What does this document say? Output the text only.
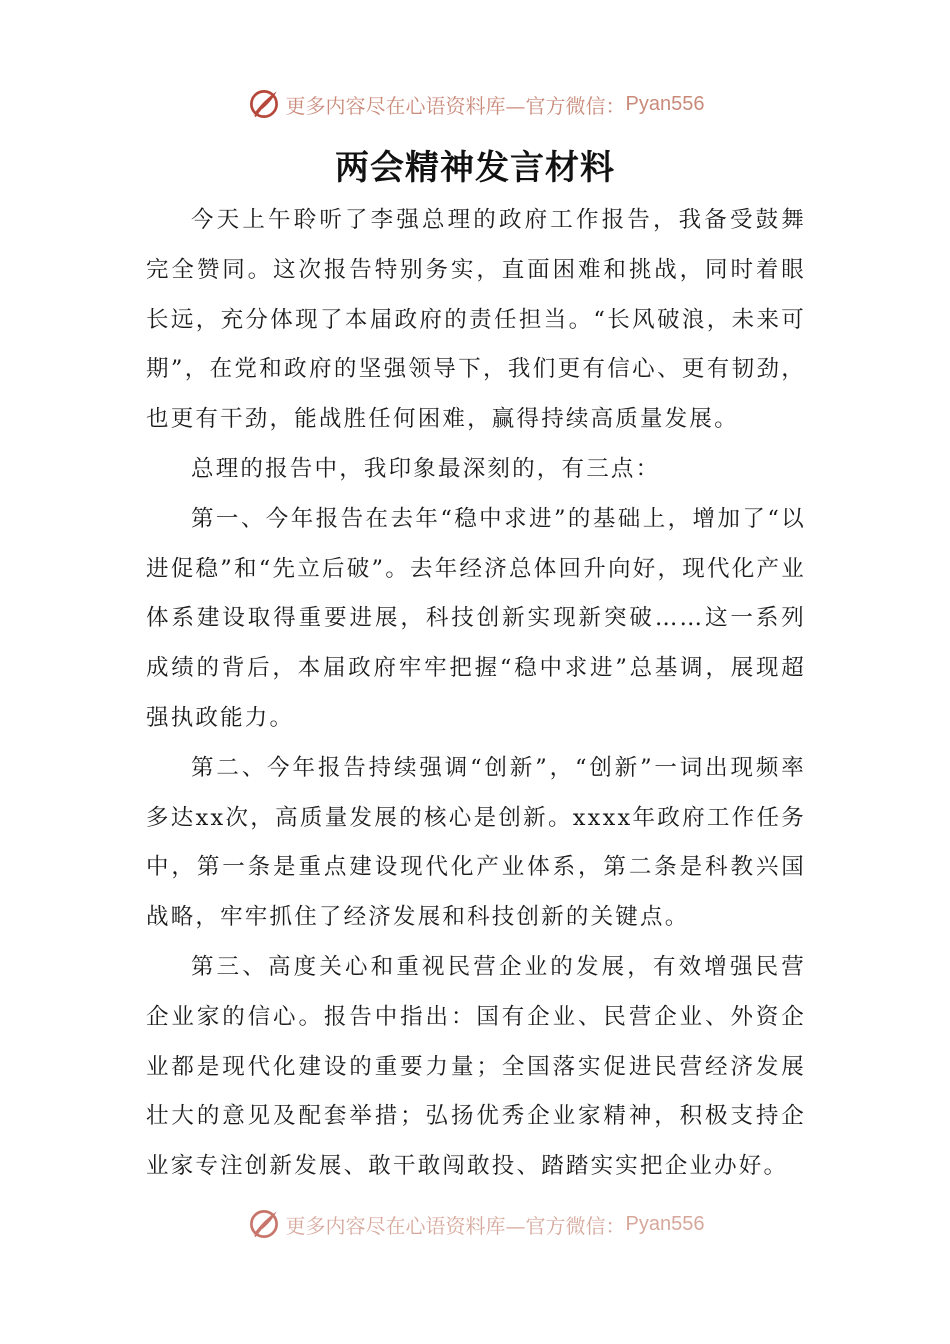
更多内容尽在心语资料库—官方微信： Pyan556
两会精神发言材料

今天上午聆听了李强总理的政府工作报告，我备受鼓舞完全赞同。这次报告特别务实，直面困难和挑战，同时着眼长远，充分体现了本届政府的责任担当。“长风破浪，未来可期”，在党和政府的坚强领导下，我们更有信心、更有韧劲，也更有干劲，能战胜任何困难，赢得持续高质量发展。

总理的报告中，我印象最深刻的，有三点：

第一、今年报告在去年“稳中求进”的基础上，增加了“以进促稳”和“先立后破”。去年经济总体回升向好，现代化产业体系建设取得重要进展，科技创新实现新突破……这一系列成绩的背后，本届政府牢牢把握“稳中求进”总基调，展现超强执政能力。

第二、今年报告持续强调“创新”，“创新”一词出现频率多达xx次，高质量发展的核心是创新。xxxx年政府工作任务中，第一条是重点建设现代化产业体系，第二条是科教兴国战略，牢牢抓住了经济发展和科技创新的关键点。

第三、高度关心和重视民营企业的发展，有效增强民营企业家的信心。报告中指出：国有企业、民营企业、外资企业都是现代化建设的重要力量；全国落实促进民营经济发展壮大的意见及配套举措；弘扬优秀企业家精神，积极支持企业家专注创新发展、敢干敢闯敢投、踏踏实实把企业办好。

更多内容尽在心语资料库—官方微信： Pyan556
